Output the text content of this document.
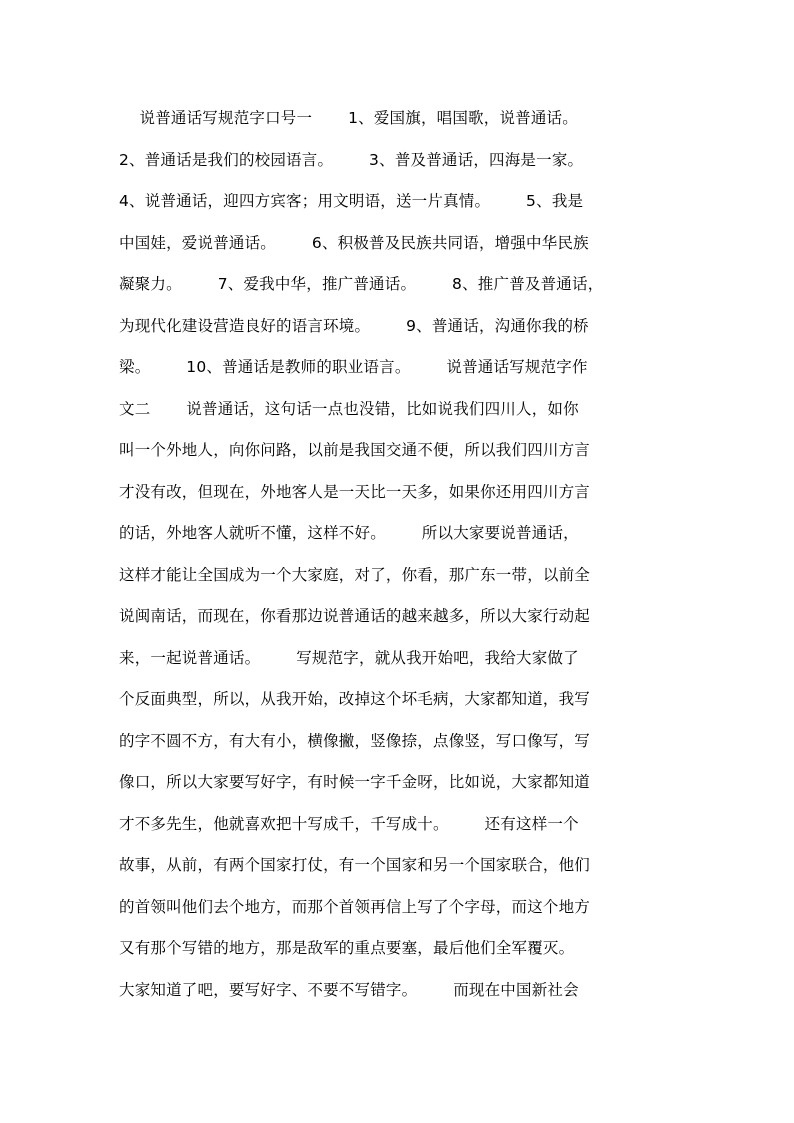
说普通话写规范字口号一       1、爱国旗，唱国歌，说普通话。
2、普通话是我们的校园语言。       3、普及普通话，四海是一家。
4、说普通话，迎四方宾客；用文明语，送一片真情。       5、我是
中国娃，爱说普通话。       6、积极普及民族共同语，增强中华民族
凝聚力。       7、爱我中华，推广普通话。       8、推广普及普通话，
为现代化建设营造良好的语言环境。       9、普通话，沟通你我的桥
梁。       10、普通话是教师的职业语言。       说普通话写规范字作
文二       说普通话，这句话一点也没错，比如说我们四川人，如你
叫一个外地人，向你问路，以前是我国交通不便，所以我们四川方言
才没有改，但现在，外地客人是一天比一天多，如果你还用四川方言
的话，外地客人就听不懂，这样不好。       所以大家要说普通话，
这样才能让全国成为一个大家庭，对了，你看，那广东一带，以前全
说闽南话，而现在，你看那边说普通话的越来越多，所以大家行动起
来，一起说普通话。       写规范字，就从我开始吧，我给大家做了
个反面典型，所以，从我开始，改掉这个坏毛病，大家都知道，我写
的字不圆不方，有大有小，横像撇，竖像捺，点像竖，写口像写，写
像口，所以大家要写好字，有时候一字千金呀，比如说，大家都知道
才不多先生，他就喜欢把十写成千，千写成十。       还有这样一个
故事，从前，有两个国家打仗，有一个国家和另一个国家联合，他们
的首领叫他们去个地方，而那个首领再信上写了个字母，而这个地方
又有那个写错的地方，那是敌军的重点要塞，最后他们全军覆灭。
大家知道了吧，要写好字、不要不写错字。       而现在中国新社会
